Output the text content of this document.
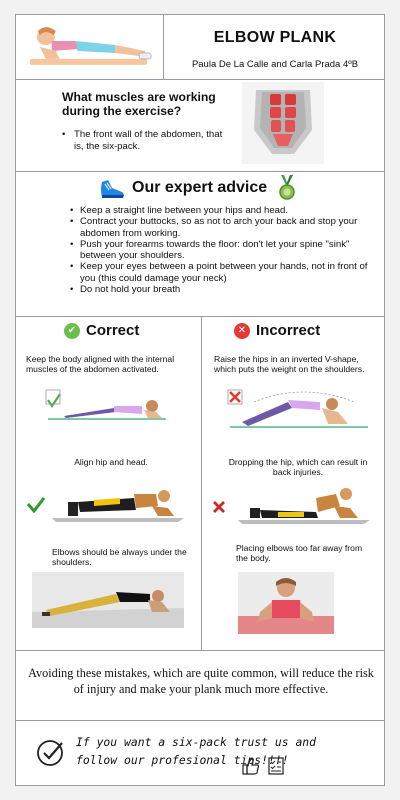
ELBOW PLANK
Paula De La Calle and Carla Prada 4ºB
What muscles are working during the exercise?
• The front wall of the abdomen, that is, the six-pack.
Our expert advice
• Keep a straight line between your hips and head.
• Contract your buttocks, so as not to arch your back and stop your abdomen from working.
• Push your forearms towards the floor: don't let your spine "sink" between your shoulders.
• Keep your eyes between a point between your hands, not in front of you (this could damage your neck)
• Do not hold your breath
✔ Correct
Keep the body aligned with the internal muscles of the abdomen activated.
Align hip and head.
Elbows should be always under the shoulders.
✕ Incorrect
Raise the hips in an inverted V-shape, which puts the weight on the shoulders.
Dropping the hip, which can result in back injuries.
Placing elbows too far away from the body.
Avoiding these mistakes, which are quite common, will reduce the risk of injury and make your plank much more effective.
If you want a six-pack trust us and follow our profesional tips!!!!
